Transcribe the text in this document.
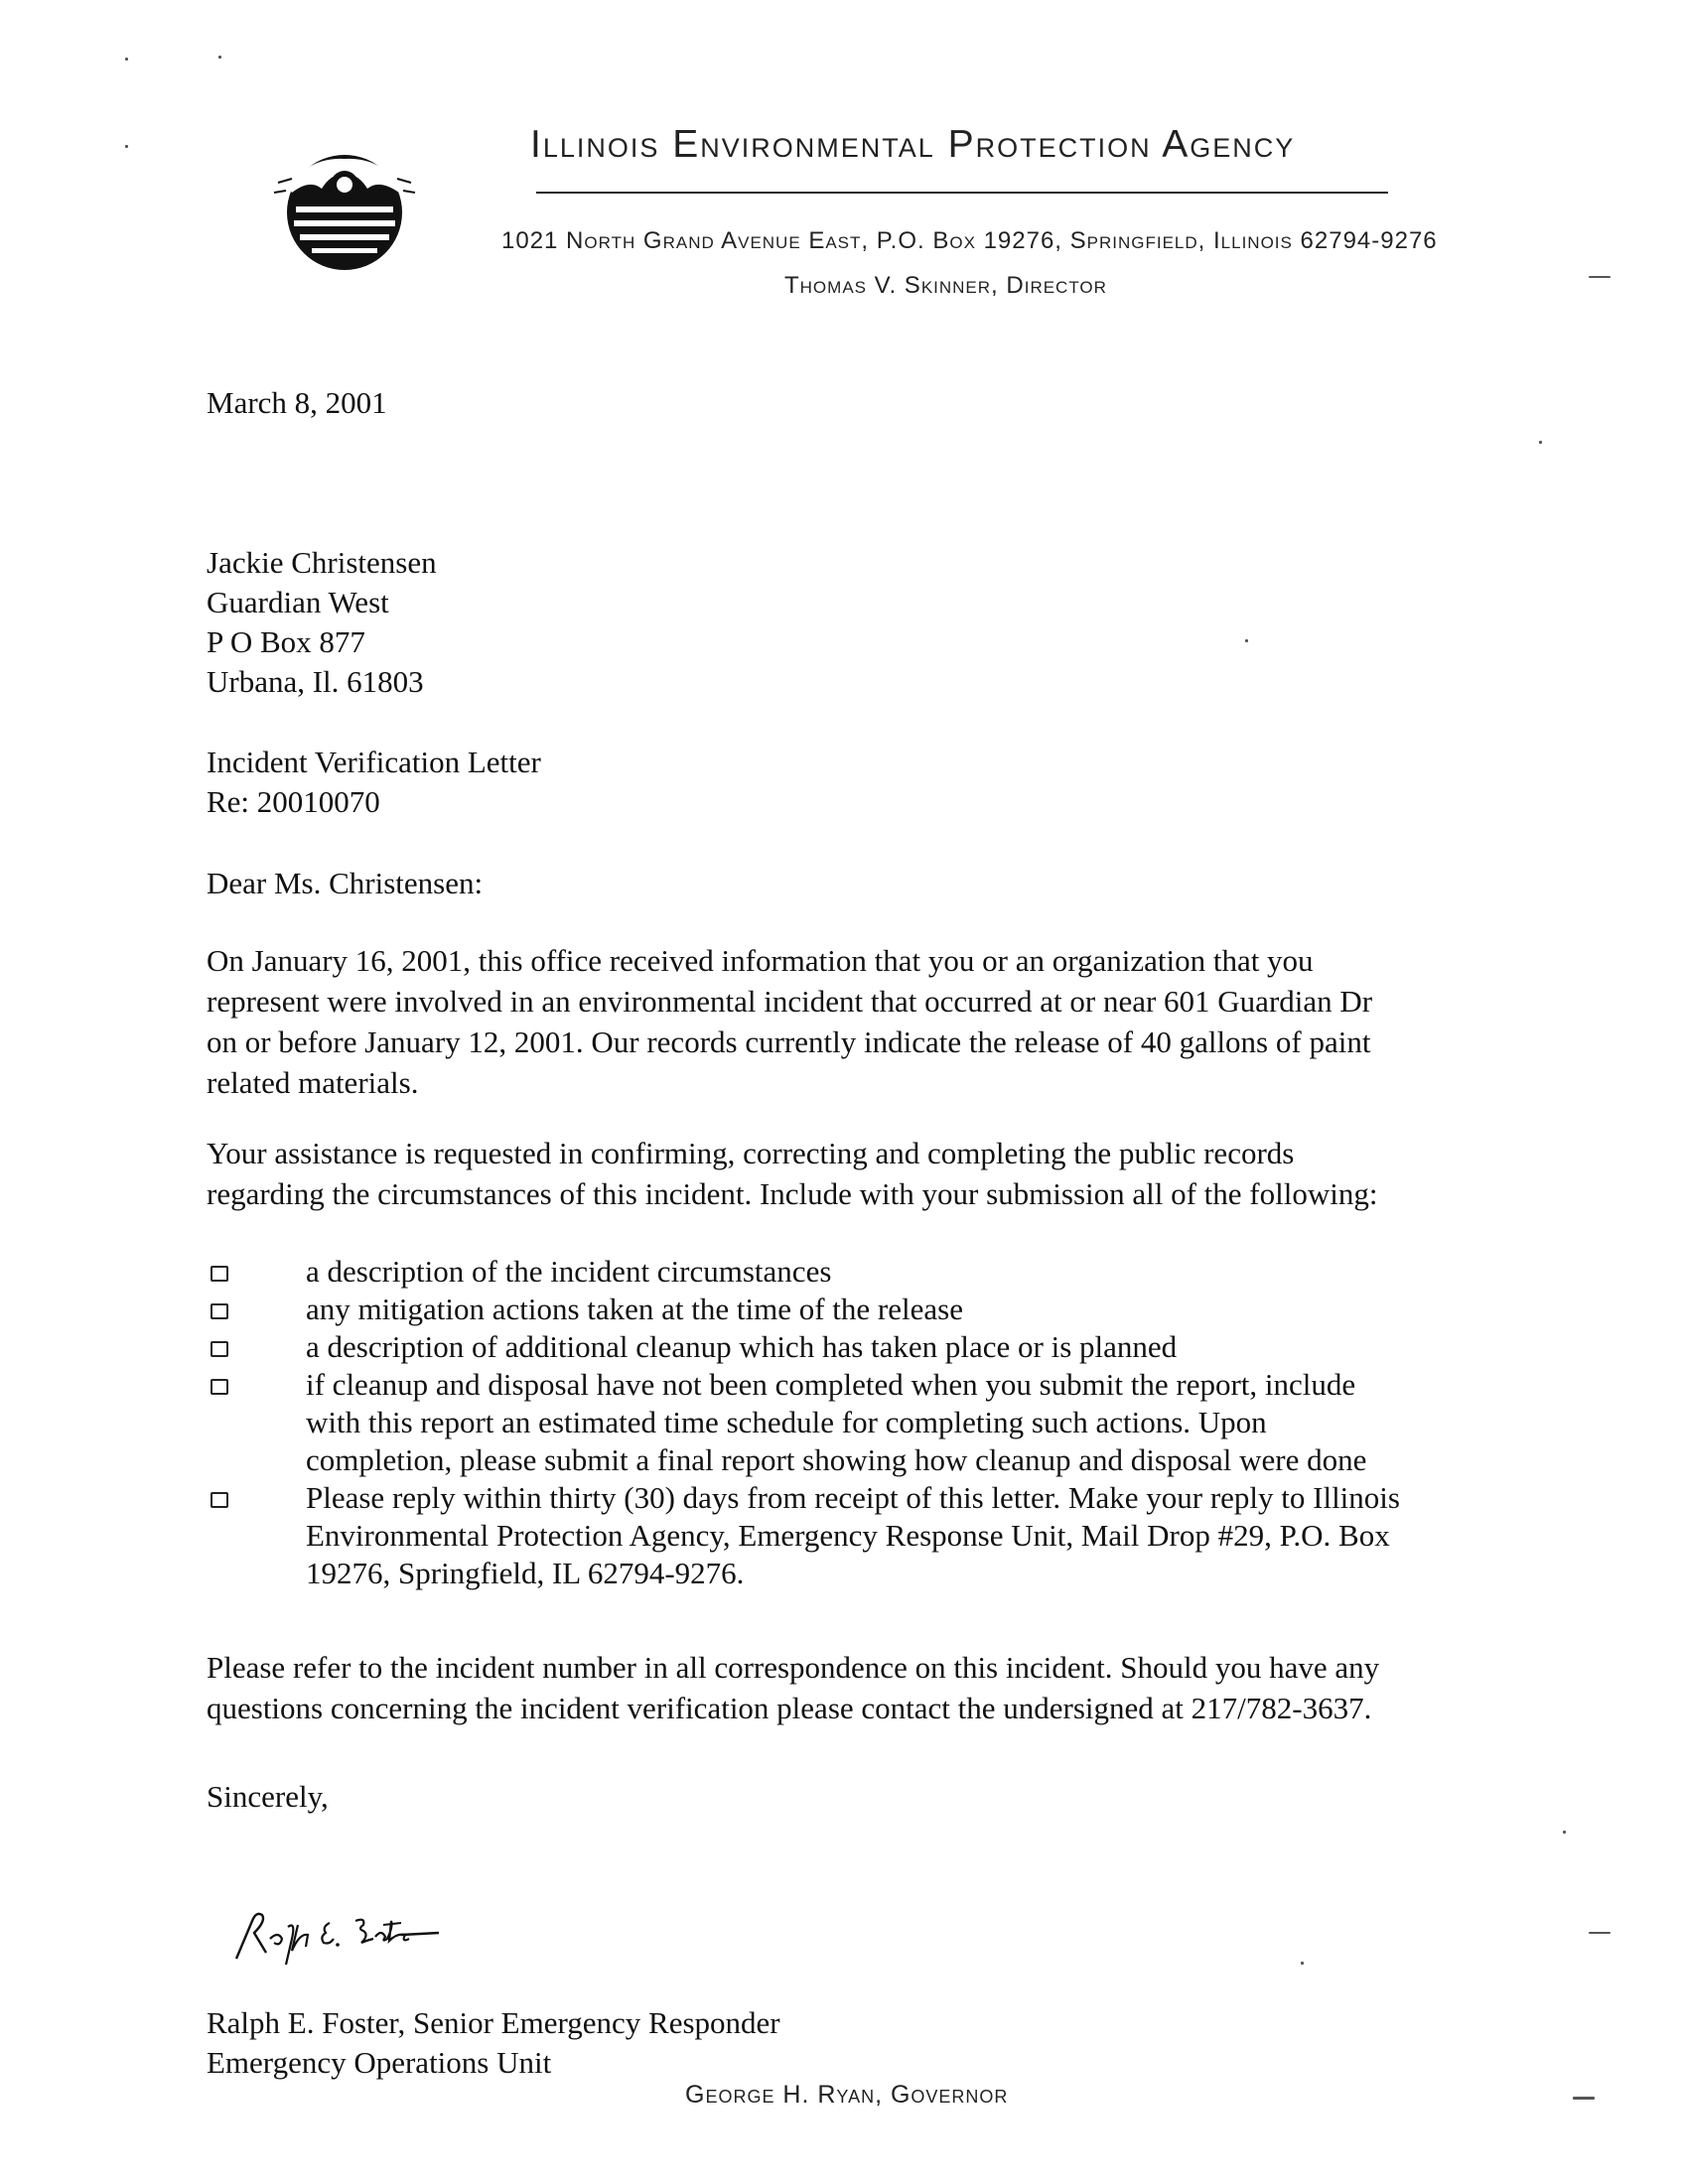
Illinois Environmental Protection Agency
1021 North Grand Avenue East, P.O. Box 19276, Springfield, Illinois 62794-9276
Thomas V. Skinner, Director
March 8, 2001
Jackie Christensen
Guardian West
P O Box 877
Urbana, Il. 61803
Incident Verification Letter
Re: 20010070
Dear Ms. Christensen:
On January 16, 2001, this office received information that you or an organization that you
represent were involved in an environmental incident that occurred at or near 601 Guardian Dr
on or before January 12, 2001. Our records currently indicate the release of 40 gallons of paint
related materials.
Your assistance is requested in confirming, correcting and completing the public records
regarding the circumstances of this incident. Include with your submission all of the following:
a description of the incident circumstances
any mitigation actions taken at the time of the release
a description of additional cleanup which has taken place or is planned
if cleanup and disposal have not been completed when you submit the report, include
with this report an estimated time schedule for completing such actions. Upon
completion, please submit a final report showing how cleanup and disposal were done
Please reply within thirty (30) days from receipt of this letter. Make your reply to Illinois
Environmental Protection Agency, Emergency Response Unit, Mail Drop #29, P.O. Box
19276, Springfield, IL 62794-9276.
Please refer to the incident number in all correspondence on this incident. Should you have any
questions concerning the incident verification please contact the undersigned at 217/782-3637.
Sincerely,
Ralph E. Foster, Senior Emergency Responder
Emergency Operations Unit
George H. Ryan, Governor
